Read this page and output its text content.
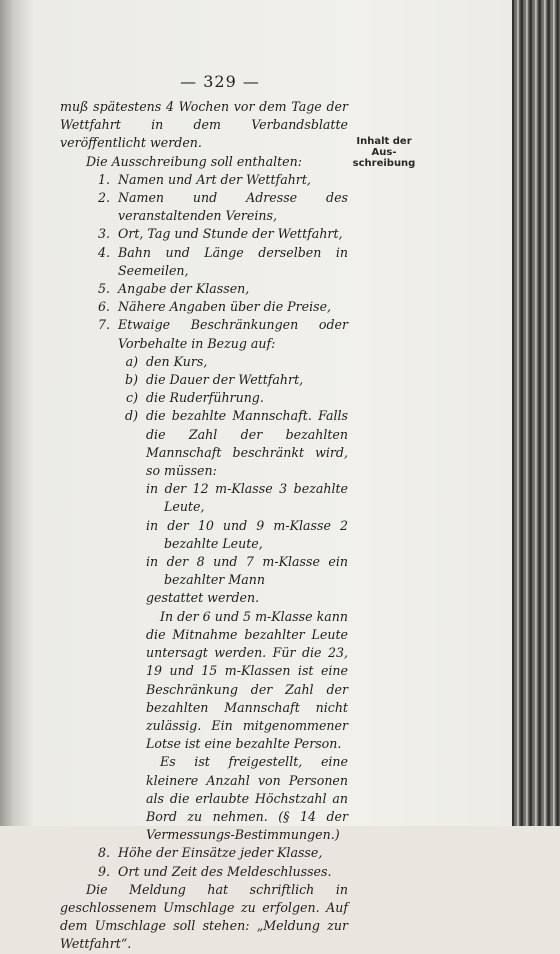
— 329 —
Inhalt der Aus-
schreibung

muß spätestens 4 Wochen vor dem Tage der Wettfahrt in dem Verbandsblatte veröffentlicht werden.

Die Ausschreibung soll enthalten:

1. Namen und Art der Wettfahrt,
2. Namen und Adresse des veranstaltenden Vereins,
3. Ort, Tag und Stunde der Wettfahrt,
4. Bahn und Länge derselben in Seemeilen,
5. Angabe der Klassen,
6. Nähere Angaben über die Preise,
7. Etwaige Beschränkungen oder Vorbehalte in Bezug auf:
a) den Kurs,
b) die Dauer der Wettfahrt,
c) die Ruderführung.
d) die bezahlte Mannschaft. Falls die Zahl der bezahlten Mannschaft beschränkt wird, so müssen:

in der 12 m-Klasse 3 bezahlte Leute,

in der 10 und 9 m-Klasse 2 bezahlte Leute,

in der 8 und 7 m-Klasse ein bezahlter Mann

gestattet werden.

In der 6 und 5 m-Klasse kann die Mitnahme bezahlter Leute untersagt werden. Für die 23, 19 und 15 m-Klassen ist eine Beschränkung der Zahl der bezahlten Mannschaft nicht zulässig. Ein mitgenommener Lotse ist eine bezahlte Person.

Es ist freigestellt, eine kleinere Anzahl von Personen als die erlaubte Höchstzahl an Bord zu nehmen. (§ 14 der Vermessungs-Bestimmungen.)

8. Höhe der Einsätze jeder Klasse,
9. Ort und Zeit des Meldeschlusses.

Die Meldung hat schriftlich in geschlossenem Umschlage zu erfolgen. Auf dem Umschlage soll stehen: „Meldung zur Wettfahrt“.
